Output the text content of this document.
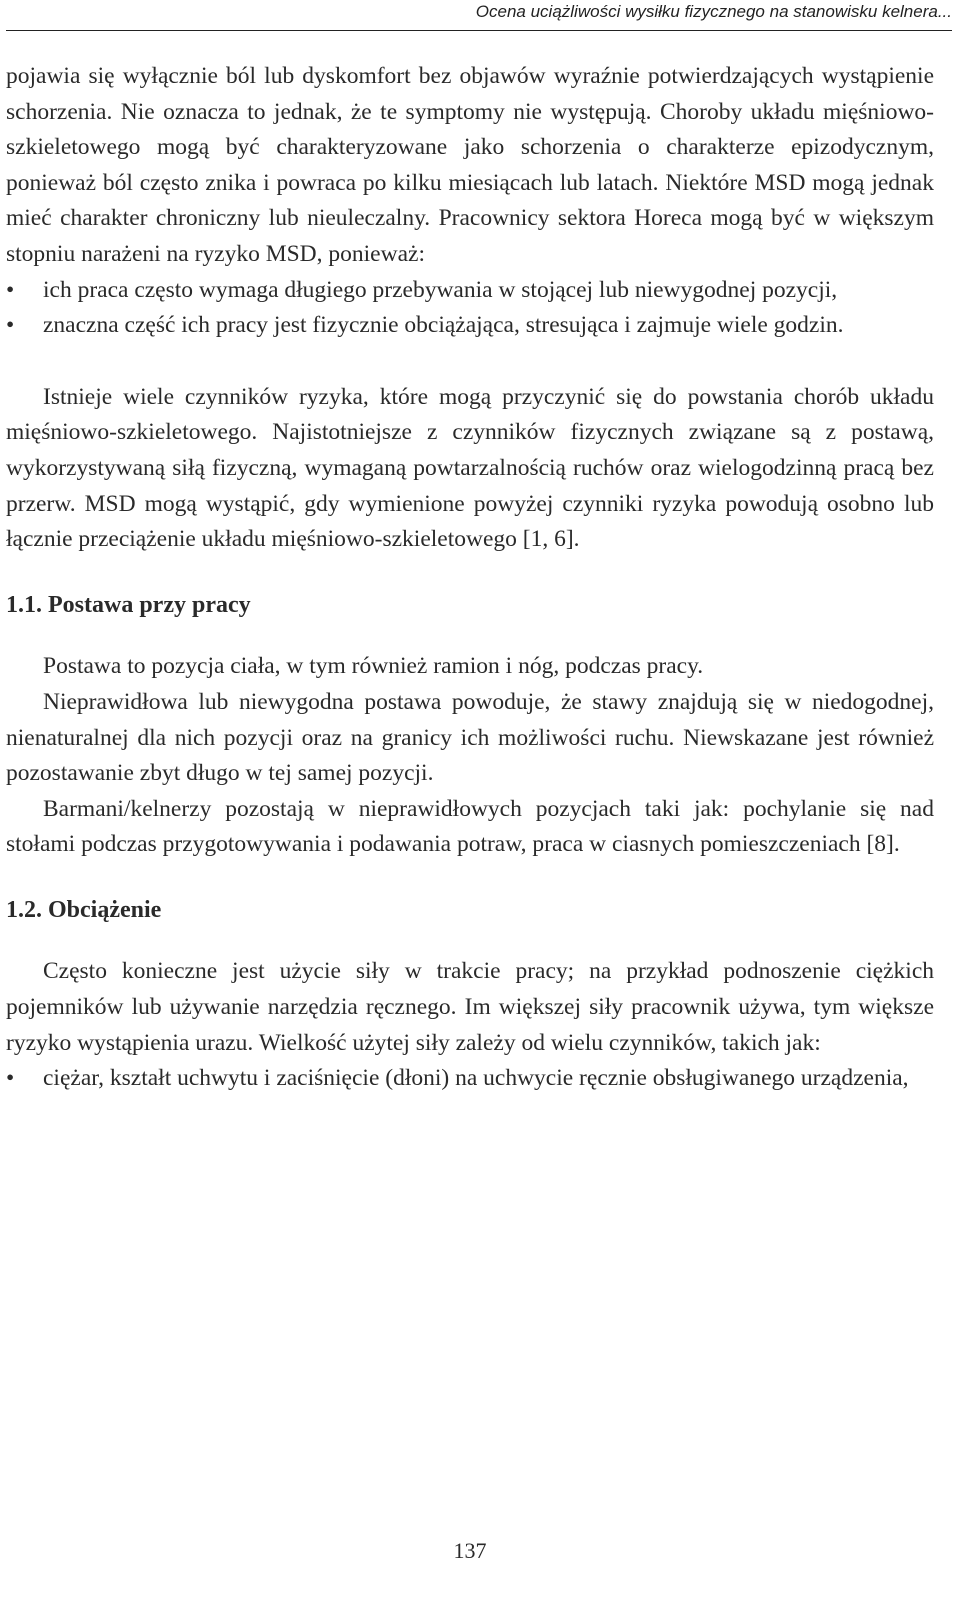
Ocena uciążliwości wysiłku fizycznego na stanowisku kelnera...

pojawia się wyłącznie ból lub dyskomfort bez objawów wyraźnie potwierdzających wystąpienie schorzenia. Nie oznacza to jednak, że te symptomy nie występują. Choroby układu mięśniowo-szkieletowego mogą być charakteryzowane jako schorzenia o charakterze epizodycznym, ponieważ ból często znika i powraca po kilku miesiącach lub latach. Niektóre MSD mogą jednak mieć charakter chroniczny lub nieuleczalny. Pracownicy sektora Horeca mogą być w większym stopniu narażeni na ryzyko MSD, ponieważ:

•	ich praca często wymaga długiego przebywania w stojącej lub niewygodnej pozycji,
•	znaczna część ich pracy jest fizycznie obciążająca, stresująca i zajmuje wiele godzin.

Istnieje wiele czynników ryzyka, które mogą przyczynić się do powstania chorób układu mięśniowo-szkieletowego. Najistotniejsze z czynników fizycznych związane są z postawą, wykorzystywaną siłą fizyczną, wymaganą powtarzalnością ruchów oraz wielogodzinną pracą bez przerw. MSD mogą wystąpić, gdy wymienione powyżej czynniki ryzyka powodują osobno lub łącznie przeciążenie układu mięśniowo-szkieletowego [1, 6].

1.1. Postawa przy pracy

Postawa to pozycja ciała, w tym również ramion i nóg, podczas pracy.

Nieprawidłowa lub niewygodna postawa powoduje, że stawy znajdują się w niedogodnej, nienaturalnej dla nich pozycji oraz na granicy ich możliwości ruchu. Niewskazane jest również pozostawanie zbyt długo w tej samej pozycji.

Barmani/kelnerzy pozostają w nieprawidłowych pozycjach taki jak: pochylanie się nad stołami podczas przygotowywania i podawania potraw, praca w ciasnych pomieszczeniach [8].

1.2. Obciążenie

Często konieczne jest użycie siły w trakcie pracy; na przykład podnoszenie ciężkich pojemników lub używanie narzędzia ręcznego. Im większej siły pracownik używa, tym większe ryzyko wystąpienia urazu. Wielkość użytej siły zależy od wielu czynników, takich jak:

•	ciężar, kształt uchwytu i zaciśnięcie (dłoni) na uchwycie ręcznie obsługiwanego urządzenia,
137
